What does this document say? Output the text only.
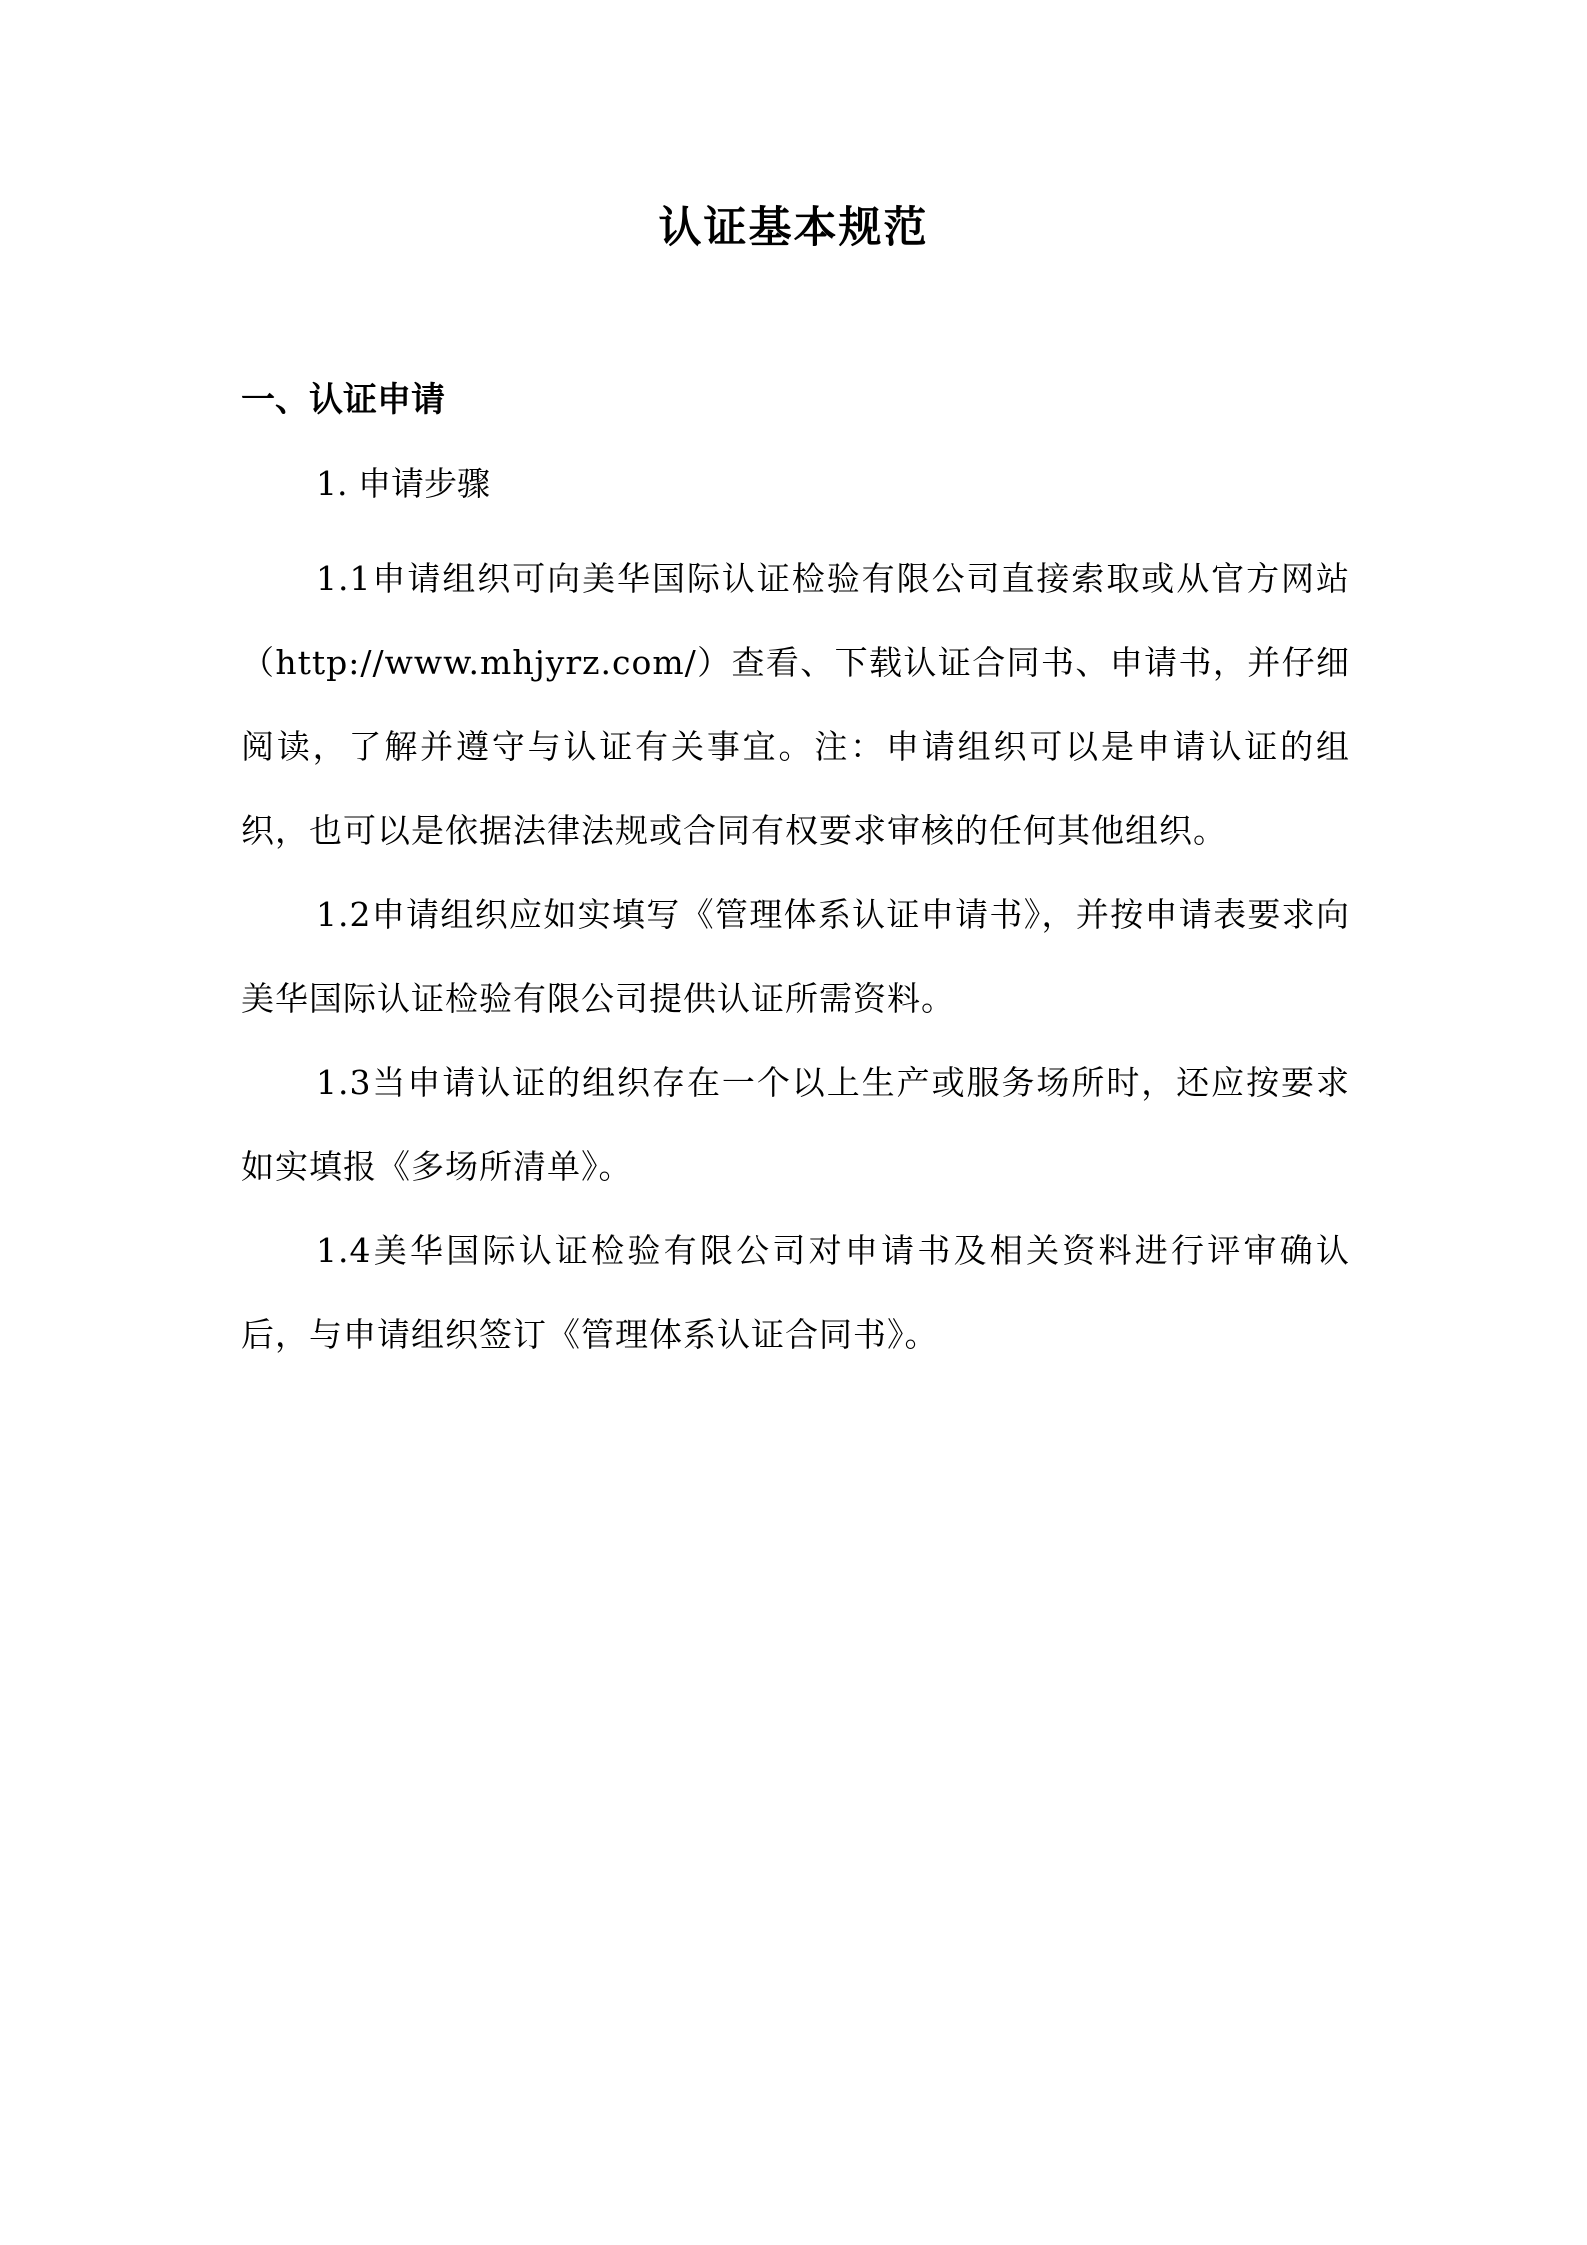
认证基本规范
一、认证申请
1. 申请步骤

1.1申请组织可向美华国际认证检验有限公司直接索取或从官方网站（http://www.mhjyrz.com/）查看、下载认证合同书、申请书，并仔细阅读，了解并遵守与认证有关事宜。注：申请组织可以是申请认证的组织，也可以是依据法律法规或合同有权要求审核的任何其他组织。

1.2申请组织应如实填写《管理体系认证申请书》，并按申请表要求向美华国际认证检验有限公司提供认证所需资料。

1.3当申请认证的组织存在一个以上生产或服务场所时，还应按要求如实填报《多场所清单》。

1.4美华国际认证检验有限公司对申请书及相关资料进行评审确认后，与申请组织签订《管理体系认证合同书》。
